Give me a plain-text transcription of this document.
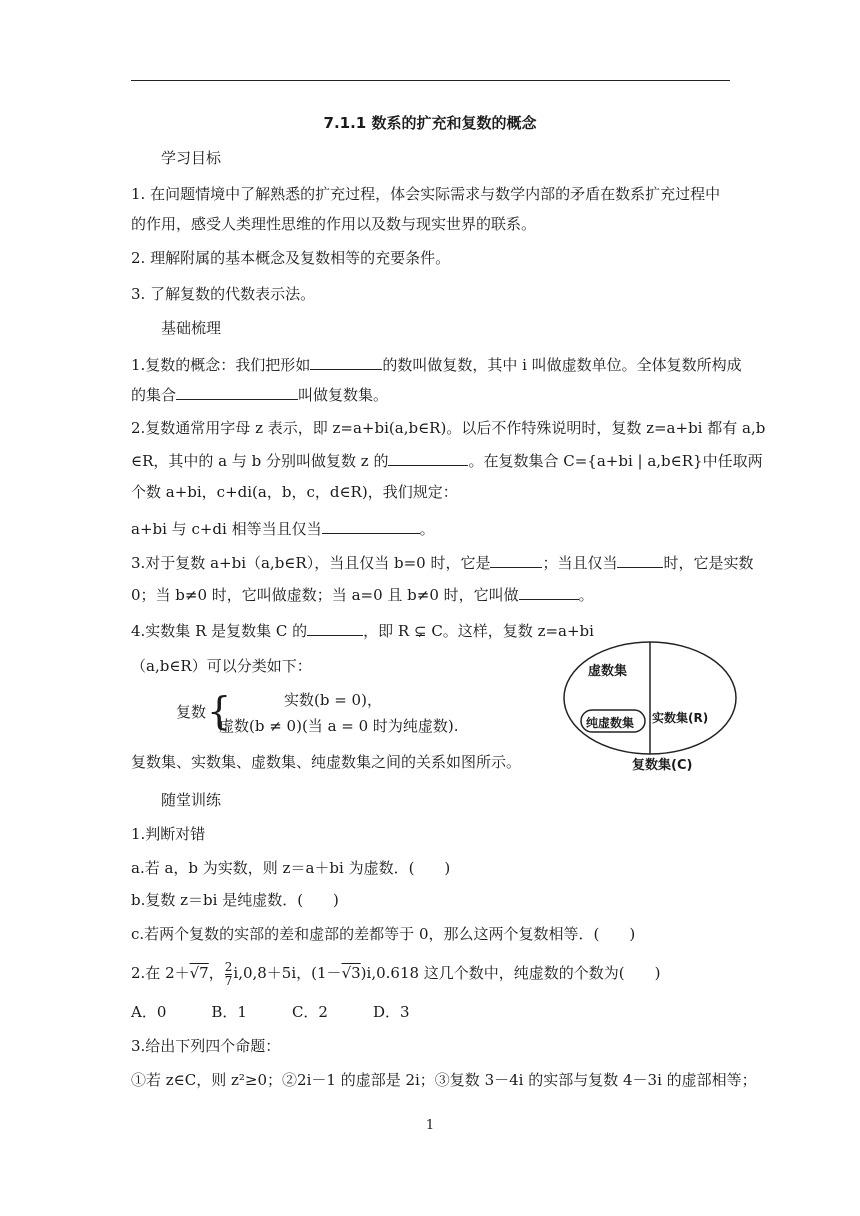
7.1.1 数系的扩充和复数的概念
学习目标
1. 在问题情境中了解熟悉的扩充过程，体会实际需求与数学内部的矛盾在数系扩充过程中
的作用，感受人类理性思维的作用以及数与现实世界的联系。
2. 理解附属的基本概念及复数相等的充要条件。
3. 了解复数的代数表示法。
基础梳理
1.复数的概念：我们把形如	的数叫做复数，其中 i 叫做虚数单位。全体复数所构成
的集合	叫做复数集。
2.复数通常用字母 z 表示，即 z=a+bi(a,b∈R)。以后不作特殊说明时，复数 z=a+bi 都有 a,b
∈R，其中的 a 与 b 分别叫做复数 z 的	。在复数集合 C={a+bi | a,b∈R}中任取两
个数 a+bi，c+di(a，b，c，d∈R)，我们规定：
a+bi 与 c+di 相等当且仅当	。
3.对于复数 a+bi（a,b∈R），当且仅当 b=0 时，它是	；当且仅当	时，它是实数
0；当 b≠0 时，它叫做虚数；当 a=0 且 b≠0 时，它叫做	。
4.实数集 R 是复数集 C 的	，即 R ⊊ C。这样，复数 z=a+bi
（a,b∈R）可以分类如下：
复数 {	实数(b = 0)，
虚数(b ≠ 0)(当 a = 0 时为纯虚数).
复数集、实数集、虚数集、纯虚数集之间的关系如图所示。
虚数集
纯虚数集 实数集(R)
复数集(C)
随堂训练
1.判断对错
a.若 a，b 为实数，则 z＝a＋bi 为虚数．(　　)
b.复数 z＝bi 是纯虚数．(　　)
c.若两个复数的实部的差和虚部的差都等于 0，那么这两个复数相等．(　　)
2.在 2＋√7， $\frac{2}{7} i,0,8+5i$，(1－√3)i,0.618 这几个数中，纯虚数的个数为(　　)
A．0　　　B．1　　　C．2　　　D．3
3.给出下列四个命题：
①若 z∈C，则 z²≥0；②2i－1 的虚部是 2i；③复数 3－4i 的实部与复数 4－3i 的虚部相等；
1
